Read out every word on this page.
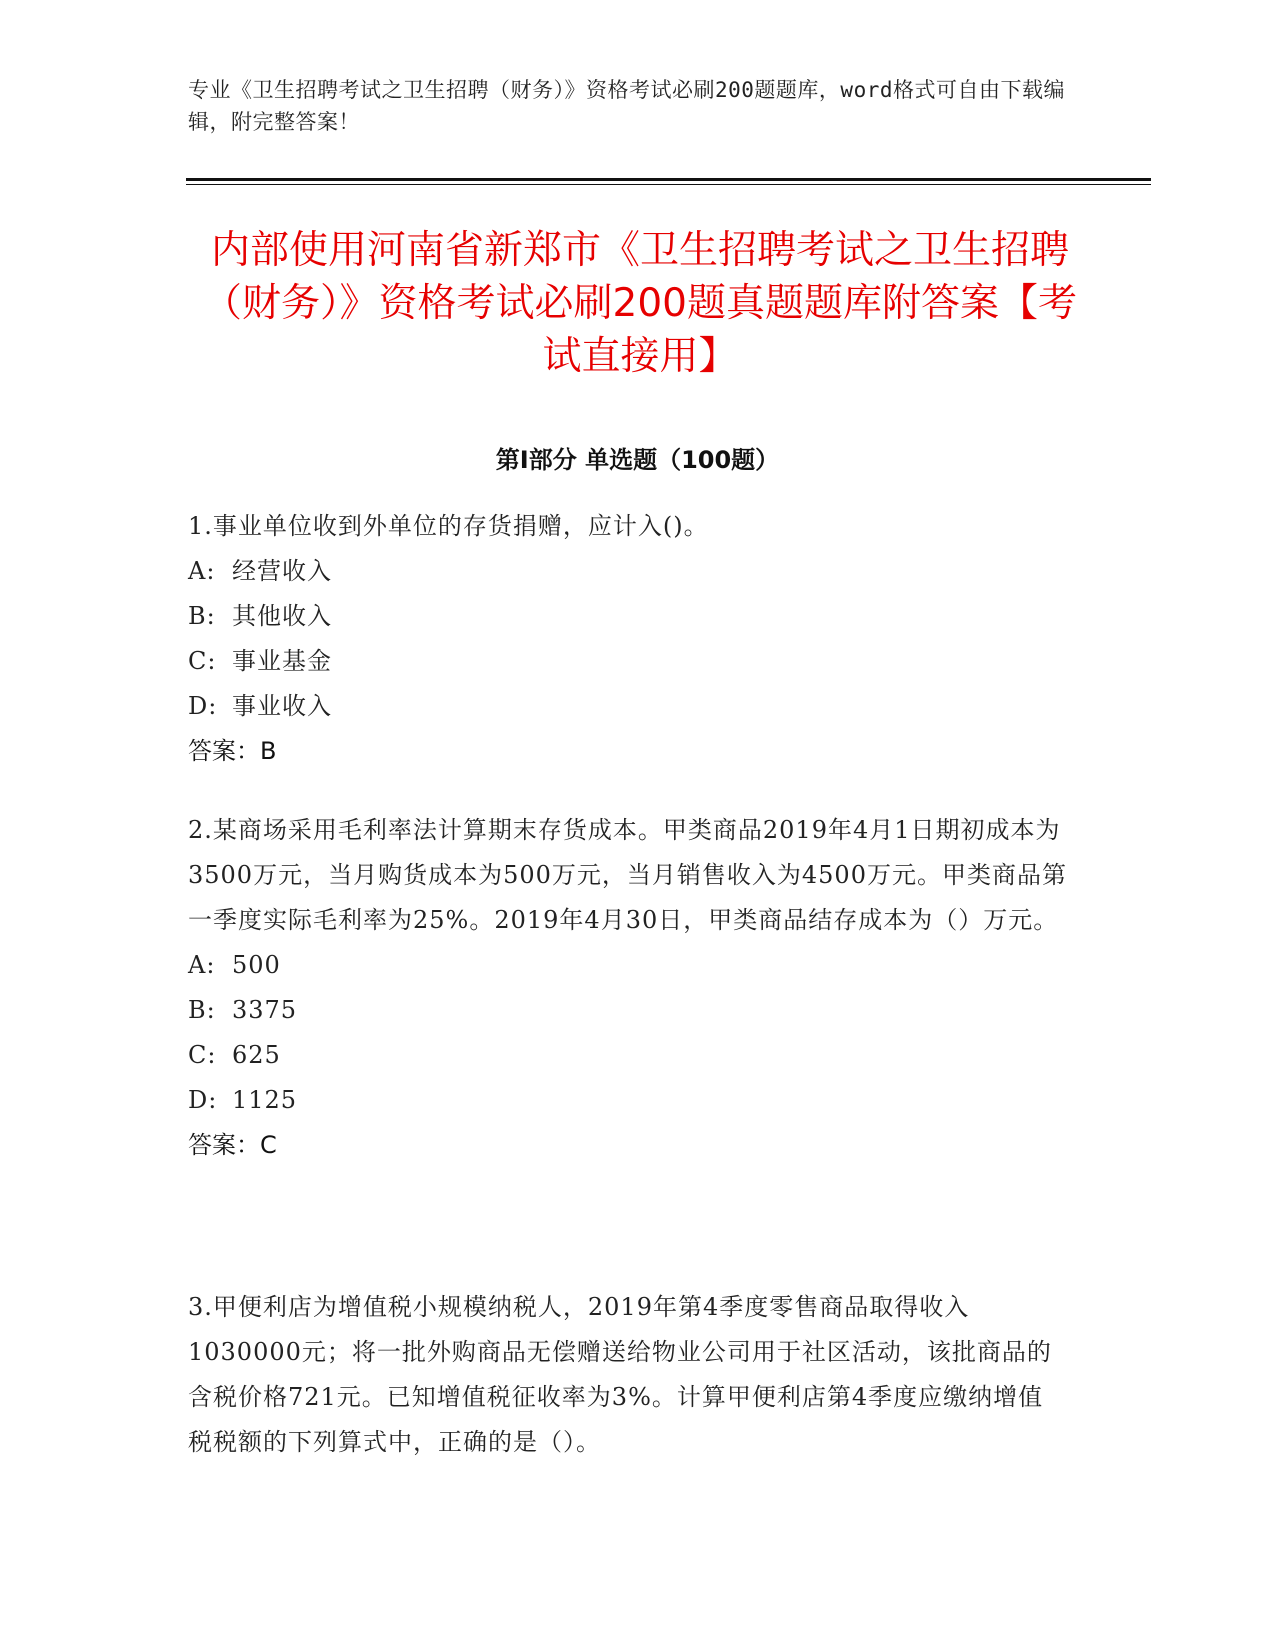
专业《卫生招聘考试之卫生招聘（财务）》资格考试必刷200题题库，word格式可自由下载编辑，附完整答案！
内部使用河南省新郑市《卫生招聘考试之卫生招聘（财务）》资格考试必刷200题真题题库附答案【考试直接用】
第Ⅰ部分 单选题（100题）

1.事业单位收到外单位的存货捐赠，应计入()。

A: 经营收入
B: 其他收入
C: 事业基金
D: 事业收入

答案：B

2.某商场采用毛利率法计算期末存货成本。甲类商品2019年4月1日期初成本为3500万元，当月购货成本为500万元，当月销售收入为4500万元。甲类商品第一季度实际毛利率为25%。2019年4月30日，甲类商品结存成本为（）万元。

A: 500
B: 3375
C: 625
D: 1125

答案：C

3.甲便利店为增值税小规模纳税人，2019年第4季度零售商品取得收入1030000元；将一批外购商品无偿赠送给物业公司用于社区活动，该批商品的含税价格721元。已知增值税征收率为3%。计算甲便利店第4季度应缴纳增值税税额的下列算式中，正确的是（）。
